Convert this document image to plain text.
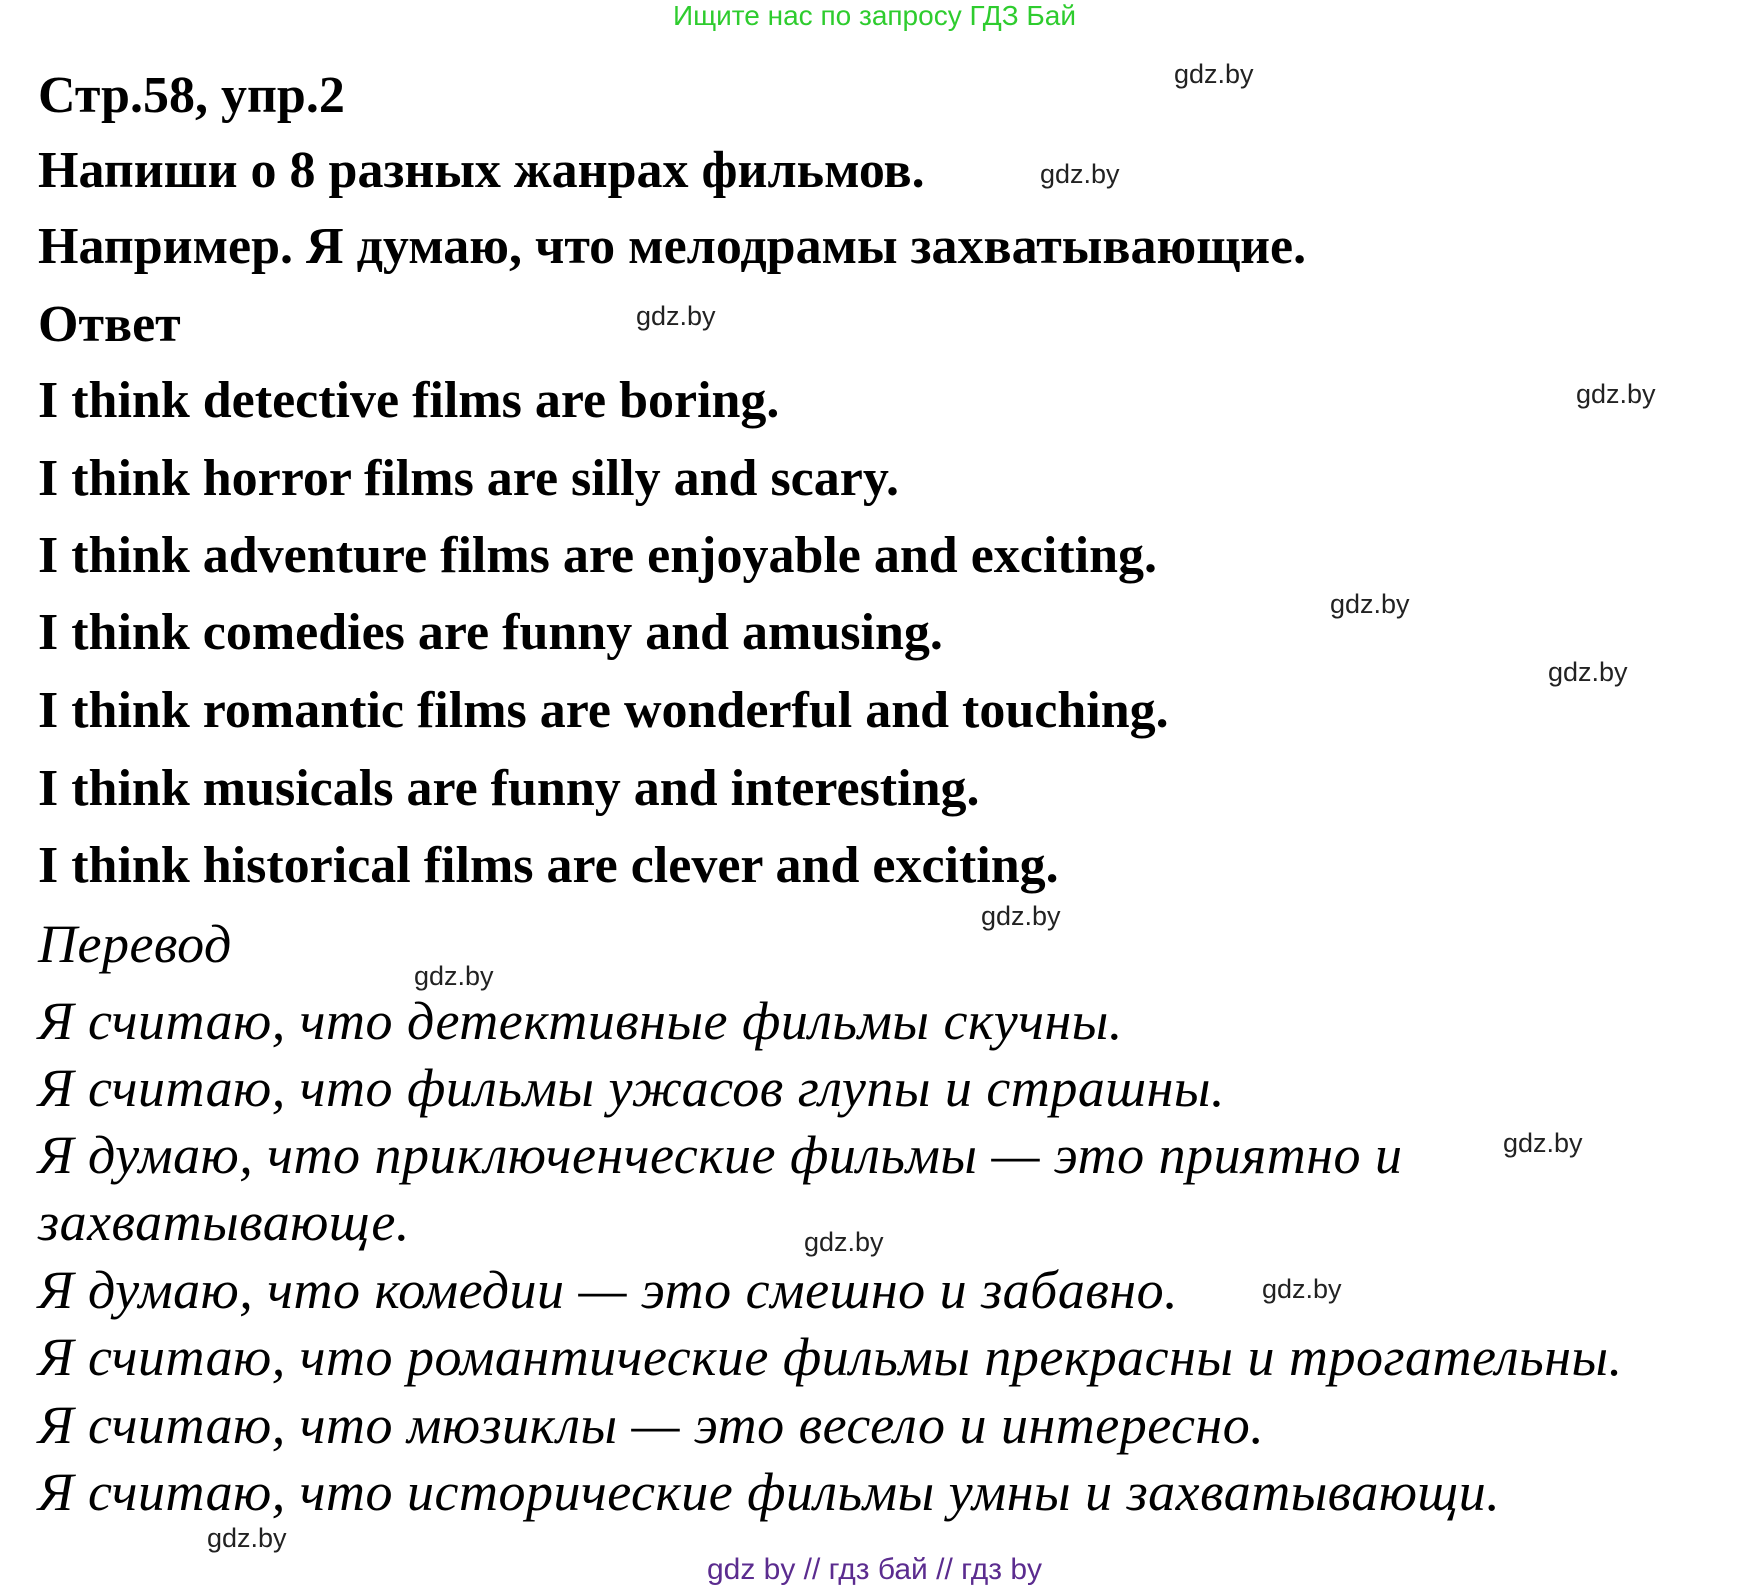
Ищите нас по запросу ГДЗ Бай
Стр.58, упр.2
Напиши о 8 разных жанрах фильмов.
Например. Я думаю, что мелодрамы захватывающие.
Ответ
I think detective films are boring.
I think horror films are silly and scary.
I think adventure films are enjoyable and exciting.
I think comedies are funny and amusing.
I think romantic films are wonderful and touching.
I think musicals are funny and interesting.
I think historical films are clever and exciting.
Перевод
Я считаю, что детективные фильмы скучны.
Я считаю, что фильмы ужасов глупы и страшны.
Я думаю, что приключенческие фильмы — это приятно и
захватывающе.
Я думаю, что комедии — это смешно и забавно.
Я считаю, что романтические фильмы прекрасны и трогательны.
Я считаю, что мюзиклы — это весело и интересно.
Я считаю, что исторические фильмы умны и захватывающи.
gdz.by
gdz.by
gdz.by
gdz.by
gdz.by
gdz.by
gdz.by
gdz.by
gdz.by
gdz.by
gdz.by
gdz.by
gdz by // гдз бай // гдз by
